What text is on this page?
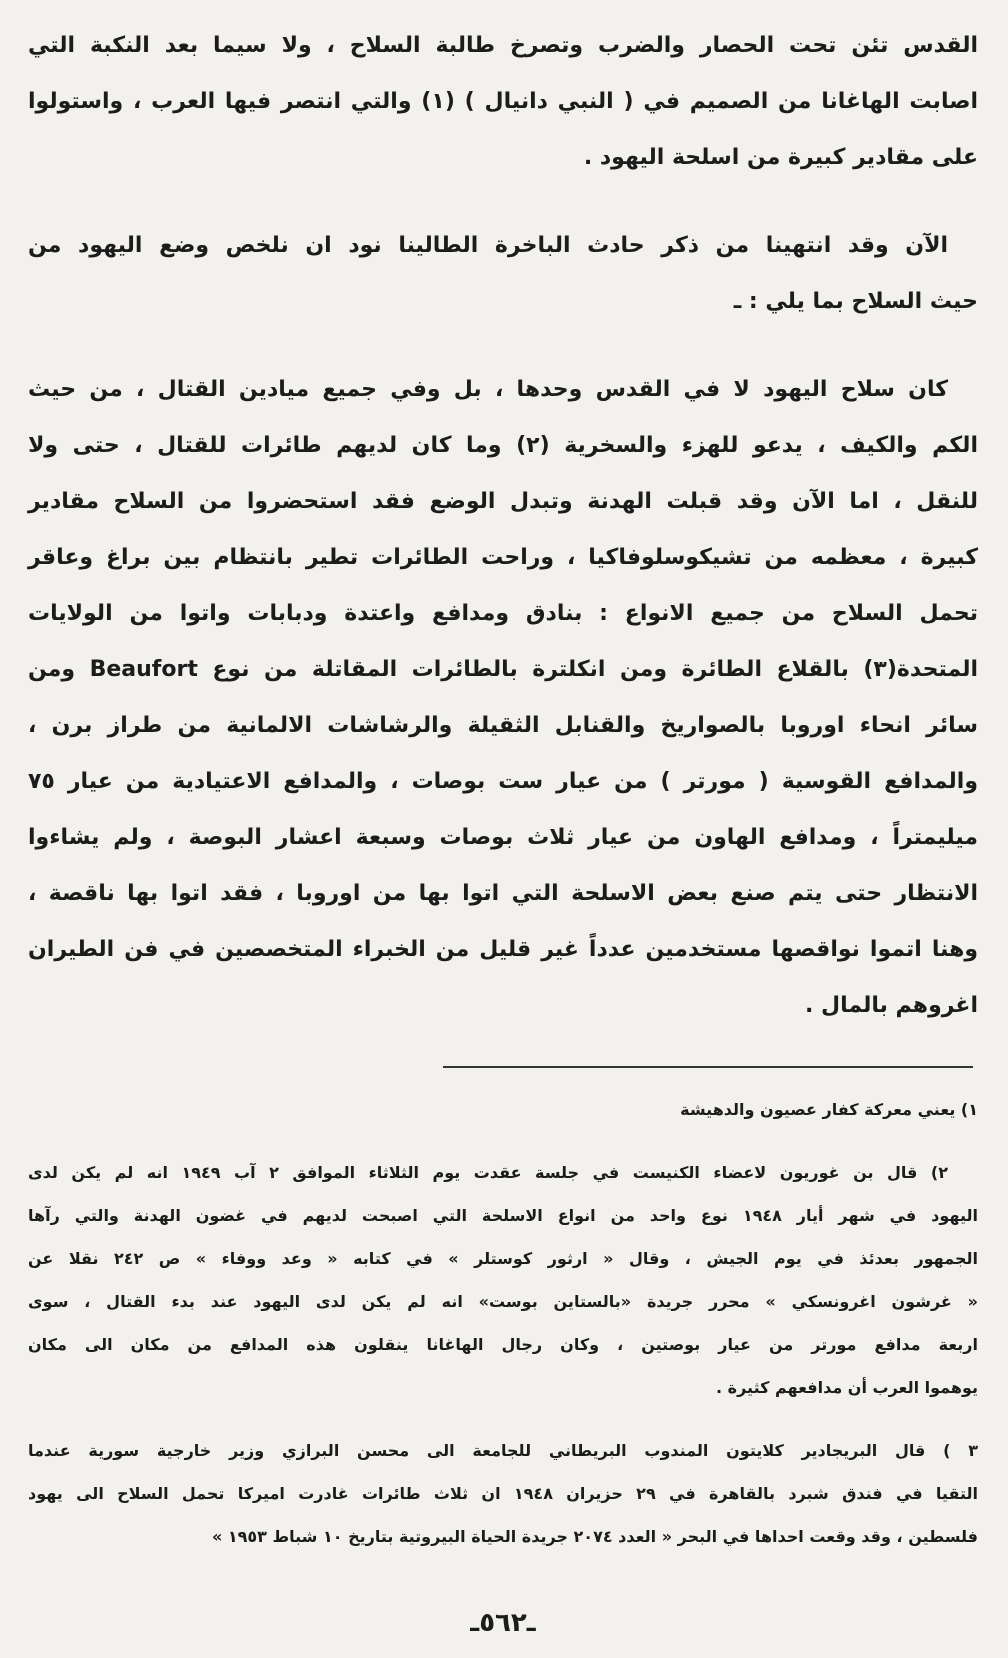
القدس تئن تحت الحصار والضرب وتصرخ طالبة السلاح ، ولا سيما بعد النكبة التي
اصابت الهاغانا من الصميم في ( النبي دانيال ) (١) والتي انتصر فيها العرب ، واستولوا
على مقادير كبيرة من اسلحة اليهود .
الآن وقد انتهينا من ذكر حادث الباخرة الطالينا نود ان نلخص وضع اليهود من
حيث السلاح بما يلي : ـ
كان سلاح اليهود لا في القدس وحدها ، بل وفي جميع ميادين القتال ، من حيث
الكم والكيف ، يدعو للهزء والسخرية (٢) وما كان لديهم طائرات للقتال ، حتى ولا
للنقل ، اما الآن وقد قبلت الهدنة وتبدل الوضع فقد استحضروا من السلاح مقادير
كبيرة ، معظمه من تشيكوسلوفاكيا ، وراحت الطائرات تطير بانتظام بين براغ وعاقر
تحمل السلاح من جميع الانواع : بنادق ومدافع واعتدة ودبابات واتوا من الولايات
المتحدة(٣) بالقلاع الطائرة ومن انكلترة بالطائرات المقاتلة من نوع Beaufort ومن
سائر انحاء اوروبا بالصواريخ والقنابل الثقيلة والرشاشات الالمانية من طراز برن ،
والمدافع القوسية ( مورتر ) من عيار ست بوصات ، والمدافع الاعتيادية من عيار ٧٥
ميليمتراً ، ومدافع الهاون من عيار ثلاث بوصات وسبعة اعشار البوصة ، ولم يشاءوا
الانتظار حتى يتم صنع بعض الاسلحة التي اتوا بها من اوروبا ، فقد اتوا بها ناقصة ،
وهنا اتموا نواقصها مستخدمين عدداً غير قليل من الخبراء المتخصصين في فن الطيران
اغروهم بالمال .
١) يعني معركة كفار عصيون والدهيشة
٢) قال بن غوريون لاعضاء الكنيست في جلسة عقدت يوم الثلاثاء الموافق ٢ آب ١٩٤٩ انه لم يكن لدى
اليهود في شهر أيار ١٩٤٨ نوع واحد من انواع الاسلحة التي اصبحت لديهم في غضون الهدنة والتي رآها
الجمهور بعدئذ في يوم الجيش ، وقال « ارثور كوستلر » في كتابه « وعد ووفاء » ص ٢٤٢ نقلا عن
« غرشون اغرونسكي » محرر جريدة «بالستاين بوست» انه لم يكن لدى اليهود عند بدء القتال ، سوى
اربعة مدافع مورتر من عيار بوصتين ، وكان رجال الهاغانا ينقلون هذه المدافع من مكان الى مكان
يوهموا العرب أن مدافعهم كثيرة .
٣ ) قال البريجادير كلايتون المندوب البريطاني للجامعة الى محسن البرازي وزير خارجية سورية عندما
التقيا في فندق شبرد بالقاهرة في ٢٩ حزيران ١٩٤٨ ان ثلاث طائرات غادرت اميركا تحمل السلاح الى يهود
فلسطين ، وقد وقعت احداها في البحر « العدد ٢٠٧٤ جريدة الحياة البيروتية بتاريخ ١٠ شباط ١٩٥٣ »
ـ٥٦٢ـ
